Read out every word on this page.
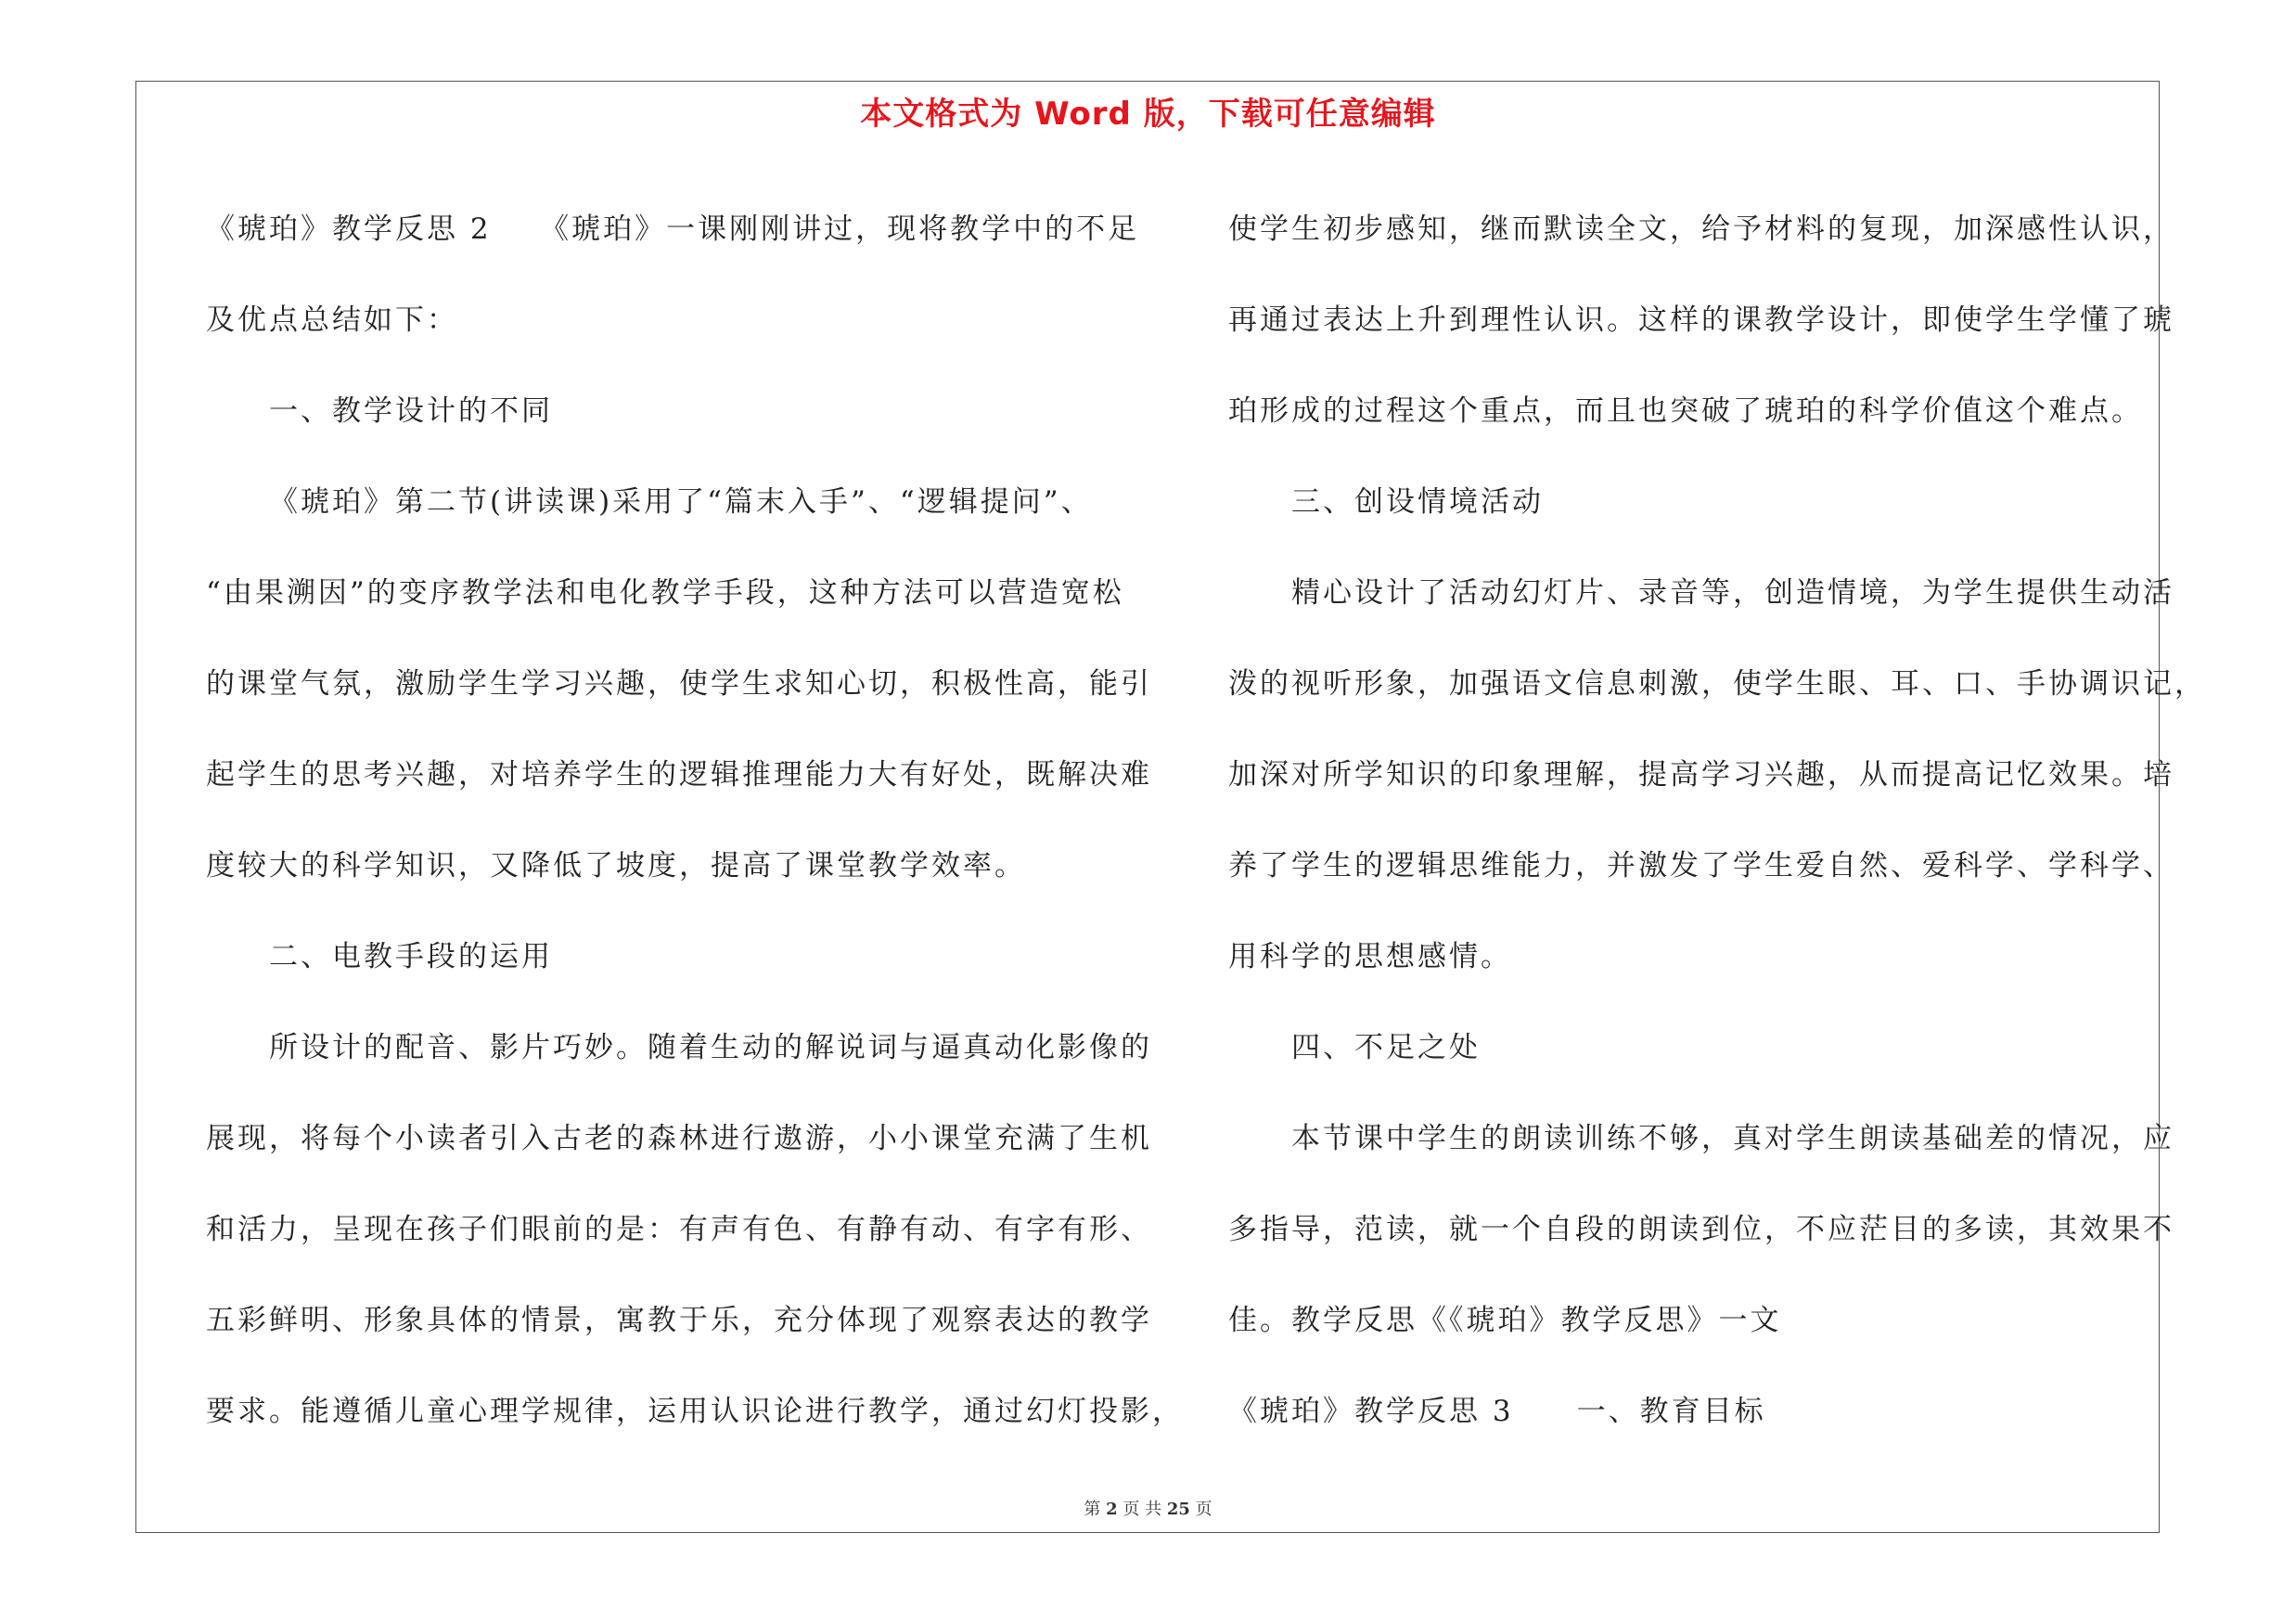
本文格式为 Word 版，下载可任意编辑
《琥珀》教学反思 2　　《琥珀》一课刚刚讲过，现将教学中的不足
及优点总结如下：
一、教学设计的不同
《琥珀》第二节(讲读课)采用了“篇末入手”、“逻辑提问”、
“由果溯因”的变序教学法和电化教学手段，这种方法可以营造宽松
的课堂气氛，激励学生学习兴趣，使学生求知心切，积极性高，能引
起学生的思考兴趣，对培养学生的逻辑推理能力大有好处，既解决难
度较大的科学知识，又降低了坡度，提高了课堂教学效率。
二、电教手段的运用
所设计的配音、影片巧妙。随着生动的解说词与逼真动化影像的
展现，将每个小读者引入古老的森林进行遨游，小小课堂充满了生机
和活力，呈现在孩子们眼前的是：有声有色、有静有动、有字有形、
五彩鲜明、形象具体的情景，寓教于乐，充分体现了观察表达的教学
要求。能遵循儿童心理学规律，运用认识论进行教学，通过幻灯投影，
使学生初步感知，继而默读全文，给予材料的复现，加深感性认识，
再通过表达上升到理性认识。这样的课教学设计，即使学生学懂了琥
珀形成的过程这个重点，而且也突破了琥珀的科学价值这个难点。
三、创设情境活动
精心设计了活动幻灯片、录音等，创造情境，为学生提供生动活
泼的视听形象，加强语文信息刺激，使学生眼、耳、口、手协调识记，
加深对所学知识的印象理解，提高学习兴趣，从而提高记忆效果。培
养了学生的逻辑思维能力，并激发了学生爱自然、爱科学、学科学、
用科学的思想感情。
四、不足之处
本节课中学生的朗读训练不够，真对学生朗读基础差的情况，应
多指导，范读，就一个自段的朗读到位，不应茫目的多读，其效果不
佳。教学反思《《琥珀》教学反思》一文
《琥珀》教学反思 3　　一、教育目标
第 2 页 共 25 页
